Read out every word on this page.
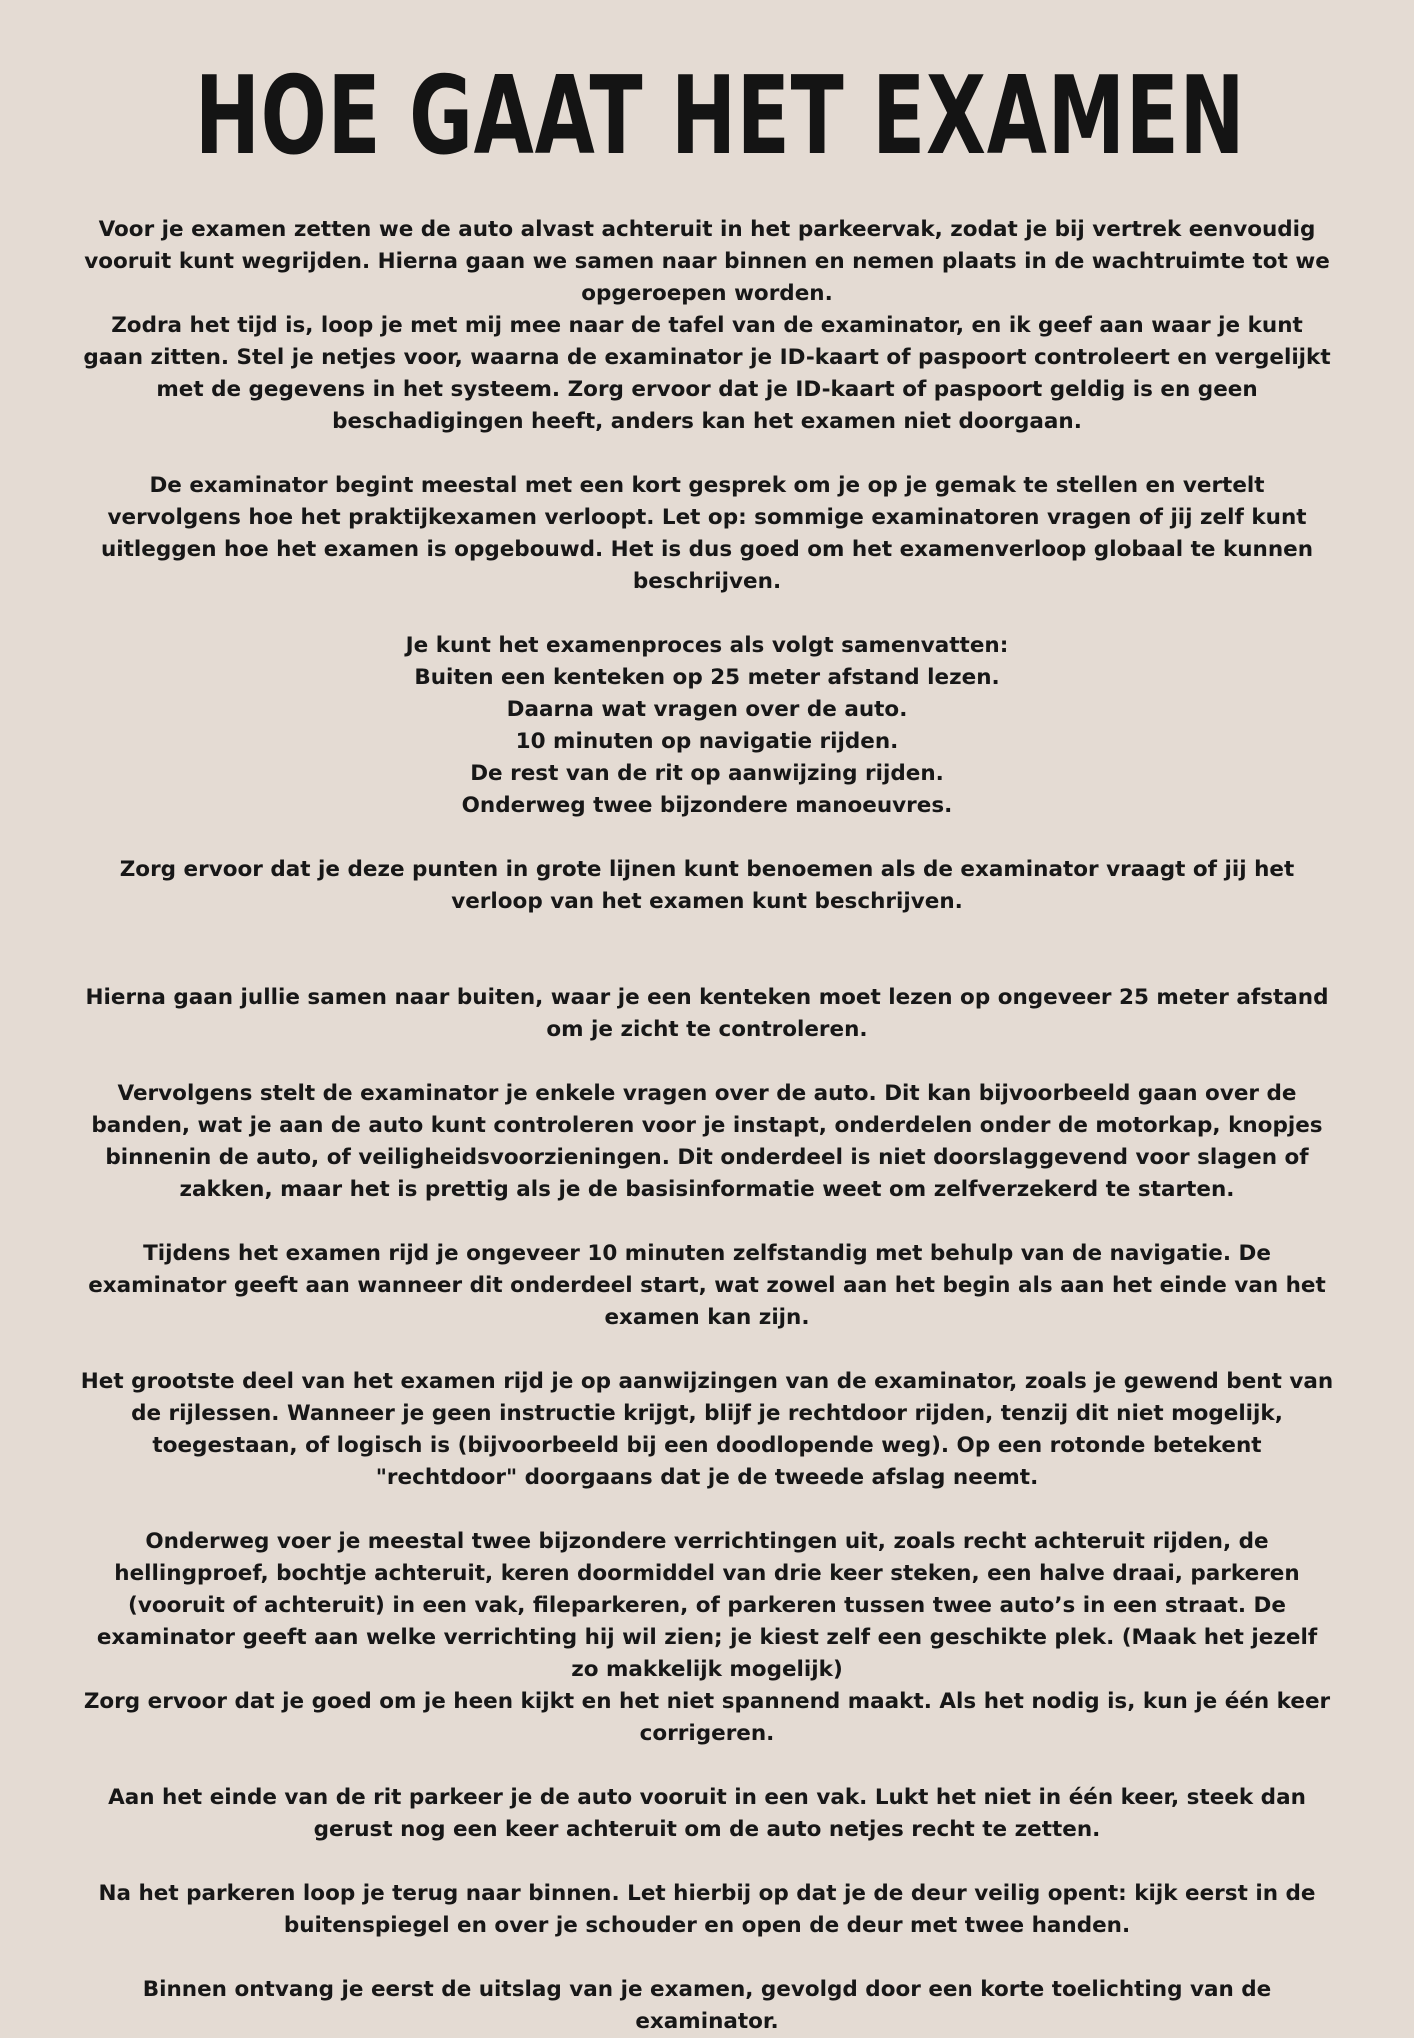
HOE GAAT HET EXAMEN

Voor je examen zetten we de auto alvast achteruit in het parkeervak, zodat je bij vertrek eenvoudig vooruit kunt wegrijden. Hierna gaan we samen naar binnen en nemen plaats in de wachtruimte tot we opgeroepen worden.

Zodra het tijd is, loop je met mij mee naar de tafel van de examinator, en ik geef aan waar je kunt gaan zitten. Stel je netjes voor, waarna de examinator je ID-kaart of paspoort controleert en vergelijkt met de gegevens in het systeem. Zorg ervoor dat je ID-kaart of paspoort geldig is en geen beschadigingen heeft, anders kan het examen niet doorgaan.

De examinator begint meestal met een kort gesprek om je op je gemak te stellen en vertelt vervolgens hoe het praktijkexamen verloopt. Let op: sommige examinatoren vragen of jij zelf kunt uitleggen hoe het examen is opgebouwd. Het is dus goed om het examenverloop globaal te kunnen beschrijven.

Je kunt het examenproces als volgt samenvatten:

Buiten een kenteken op 25 meter afstand lezen.

Daarna wat vragen over de auto.

10 minuten op navigatie rijden.

De rest van de rit op aanwijzing rijden.

Onderweg twee bijzondere manoeuvres.

Zorg ervoor dat je deze punten in grote lijnen kunt benoemen als de examinator vraagt of jij het verloop van het examen kunt beschrijven.

Hierna gaan jullie samen naar buiten, waar je een kenteken moet lezen op ongeveer 25 meter afstand om je zicht te controleren.

Vervolgens stelt de examinator je enkele vragen over de auto. Dit kan bijvoorbeeld gaan over de banden, wat je aan de auto kunt controleren voor je instapt, onderdelen onder de motorkap, knopjes binnenin de auto, of veiligheidsvoorzieningen. Dit onderdeel is niet doorslaggevend voor slagen of zakken, maar het is prettig als je de basisinformatie weet om zelfverzekerd te starten.

Tijdens het examen rijd je ongeveer 10 minuten zelfstandig met behulp van de navigatie. De examinator geeft aan wanneer dit onderdeel start, wat zowel aan het begin als aan het einde van het examen kan zijn.

Het grootste deel van het examen rijd je op aanwijzingen van de examinator, zoals je gewend bent van de rijlessen. Wanneer je geen instructie krijgt, blijf je rechtdoor rijden, tenzij dit niet mogelijk, toegestaan, of logisch is (bijvoorbeeld bij een doodlopende weg). Op een rotonde betekent "rechtdoor" doorgaans dat je de tweede afslag neemt.

Onderweg voer je meestal twee bijzondere verrichtingen uit, zoals recht achteruit rijden, de hellingproef, bochtje achteruit, keren doormiddel van drie keer steken, een halve draai, parkeren (vooruit of achteruit) in een vak, fileparkeren, of parkeren tussen twee auto’s in een straat. De examinator geeft aan welke verrichting hij wil zien; je kiest zelf een geschikte plek. (Maak het jezelf zo makkelijk mogelijk)

Zorg ervoor dat je goed om je heen kijkt en het niet spannend maakt. Als het nodig is, kun je één keer corrigeren.

Aan het einde van de rit parkeer je de auto vooruit in een vak. Lukt het niet in één keer, steek dan gerust nog een keer achteruit om de auto netjes recht te zetten.

Na het parkeren loop je terug naar binnen. Let hierbij op dat je de deur veilig opent: kijk eerst in de buitenspiegel en over je schouder en open de deur met twee handen.

Binnen ontvang je eerst de uitslag van je examen, gevolgd door een korte toelichting van de examinator.
